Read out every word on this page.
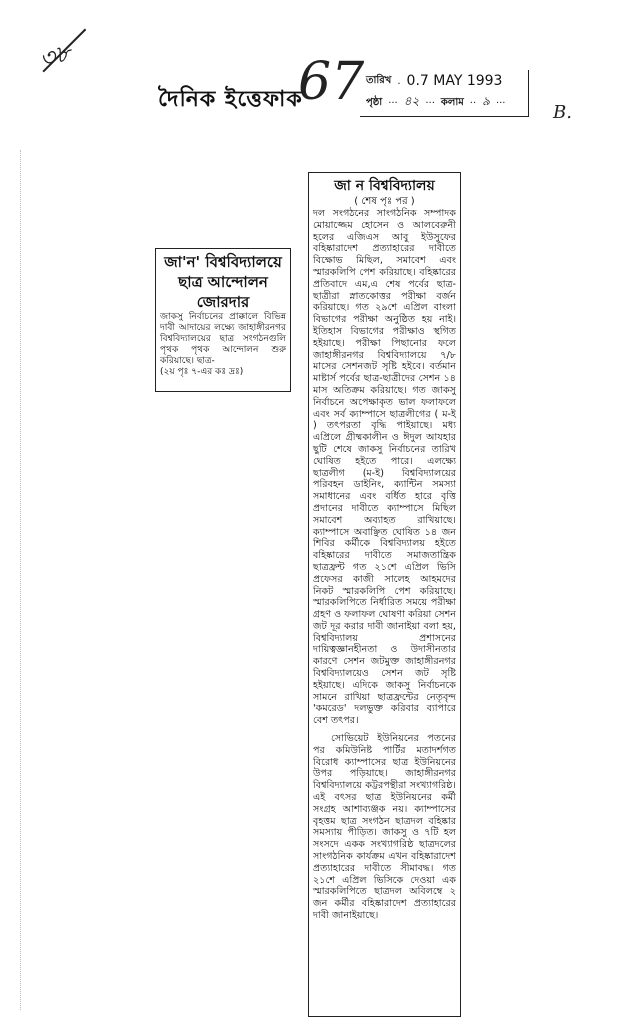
৩৮
দৈনিক ইত্তেফাক
67 তারিখ . 0.7 MAY 1993
পৃষ্ঠা ··· ৪২ ··· কলাম ·· ৯ ···	B.
জা'ন' বিশ্ববিদ্যালয়ে
ছাত্র আন্দোলন
জোরদার
জাকসু নির্বাচনের প্রাক্কালে বিভিন্ন দাবী আদায়ের লক্ষ্যে জাহাঙ্গীরনগর বিশ্ববিদ্যালয়ের ছাত্র সংগঠনগুলি পৃথক পৃথক আন্দোলন শুরু করিয়াছে। ছাত্র-
(২য় পৃঃ ৭-এর কঃ দ্রঃ)
জা ন বিশ্ববিদ্যালয়
( শেষ পৃঃ পর )

দল সংগঠনের সাংগঠনিক সম্পাদক মোয়াজ্জেম হোসেন ও আলবেরুনী হলের এজিএস আবু ইউসুফের বহিষ্কারাদেশ প্রত্যাহারের দাবীতে বিক্ষোভ মিছিল, সমাবেশ এবং স্মারকলিপি পেশ করিয়াছে। বহিষ্কারের প্রতিবাদে এম,এ শেষ পর্বের ছাত্র-ছাত্রীরা স্নাতকোত্তর পরীক্ষা বর্জন করিয়াছে। গত ২৯শে এপ্রিল বাংলা বিভাগের পরীক্ষা অনুষ্ঠিত হয় নাই। ইতিহাস বিভাগের পরীক্ষাও স্থগিত হইয়াছে। পরীক্ষা পিছানোর ফলে জাহাঙ্গীরনগর বিশ্ববিদ্যালয়ে ৭/৮ মাসের সেশনজট সৃষ্টি হইবে। বর্তমান মাষ্টার্স পর্বের ছাত্র-ছাত্রীদের সেশন ১৪ মাস অতিক্রম করিয়াছে। গত জাকসু নির্বাচনে অপেক্ষাকৃত ভাল ফলাফলে এবং সর্ব ক্যাম্পাসে ছাত্রলীগের ( ম-ই ) তৎপরতা বৃদ্ধি পাইয়াছে। মধ্য এপ্রিলে গ্রীষ্মকালীন ও ঈদুল আযহার ছুটি শেষে জাকসু নির্বাচনের তারিখ ঘোষিত হইতে পারে। এলক্ষ্যে ছাত্রলীগ (ম-ই) বিশ্ববিদ্যালয়ের পরিবহন ডাইনিং, ক্যান্টিন সমস্যা সমাধানের এবং বর্ধিত হারে বৃত্তি প্রদানের দাবীতে ক্যাম্পাসে মিছিল সমাবেশ অব্যাহত রাখিয়াছে। ক্যাম্পাসে অবাঞ্ছিত ঘোষিত ১৪ জন শিবির কর্মীকে বিশ্ববিদ্যালয় হইতে বহিষ্কারের দাবীতে সমাজতান্ত্রিক ছাত্রফ্রন্ট গত ২১শে এপ্রিল ভিসি প্রফেসর কাজী সালেহ আহমদের নিকট স্মারকলিপি পেশ করিয়াছে। স্মারকলিপিতে নির্ধারিত সময়ে পরীক্ষা গ্রহণ ও ফলাফল ঘোষণা করিয়া সেশন জট দূর করার দাবী জানাইয়া বলা হয়, বিশ্ববিদ্যালয় প্রশাসনের দায়িত্বজ্ঞানহীনতা ও উদাসীনতার কারণে সেশন জটমুক্ত জাহাঙ্গীরনগর বিশ্ববিদ্যালয়েও সেশন জট সৃষ্টি হইয়াছে। এদিকে জাকসু নির্বাচনকে সামনে রাখিয়া ছাত্রফ্রন্টের নেতৃবৃন্দ 'কমরেড' দলভুক্ত করিবার ব্যাপারে বেশ তৎপর।

সোভিয়েট ইউনিয়নের পতনের পর কমিউনিষ্ট পার্টির মতাদর্শগত বিরোধ ক্যাম্পাসের ছাত্র ইউনিয়নের উপর পড়িয়াছে। জাহাঙ্গীরনগর বিশ্ববিদ্যালয়ে কট্টরপন্থীরা সংখ্যাগরিষ্ঠ। এই বৎসর ছাত্র ইউনিয়নের কর্মী সংগ্রহ আশাব্যঞ্জক নয়। ক্যাম্পাসের বৃহত্তম ছাত্র সংগঠন ছাত্রদল বহিষ্কার সমস্যায় পীড়িত। জাকসু ও ৭টি হল সংসদে একক সংখ্যাগরিষ্ঠ ছাত্রদলের সাংগঠনিক কার্যক্রম এখন বহিষ্কারাদেশ প্রত্যাহারের দাবীতে সীমাবদ্ধ। গত ২১শে এপ্রিল ভিসিকে দেওয়া এক স্মারকলিপিতে ছাত্রদল অবিলম্বে ২ জন কর্মীর বহিষ্কারাদেশ প্রত্যাহারের দাবী জানাইয়াছে।
